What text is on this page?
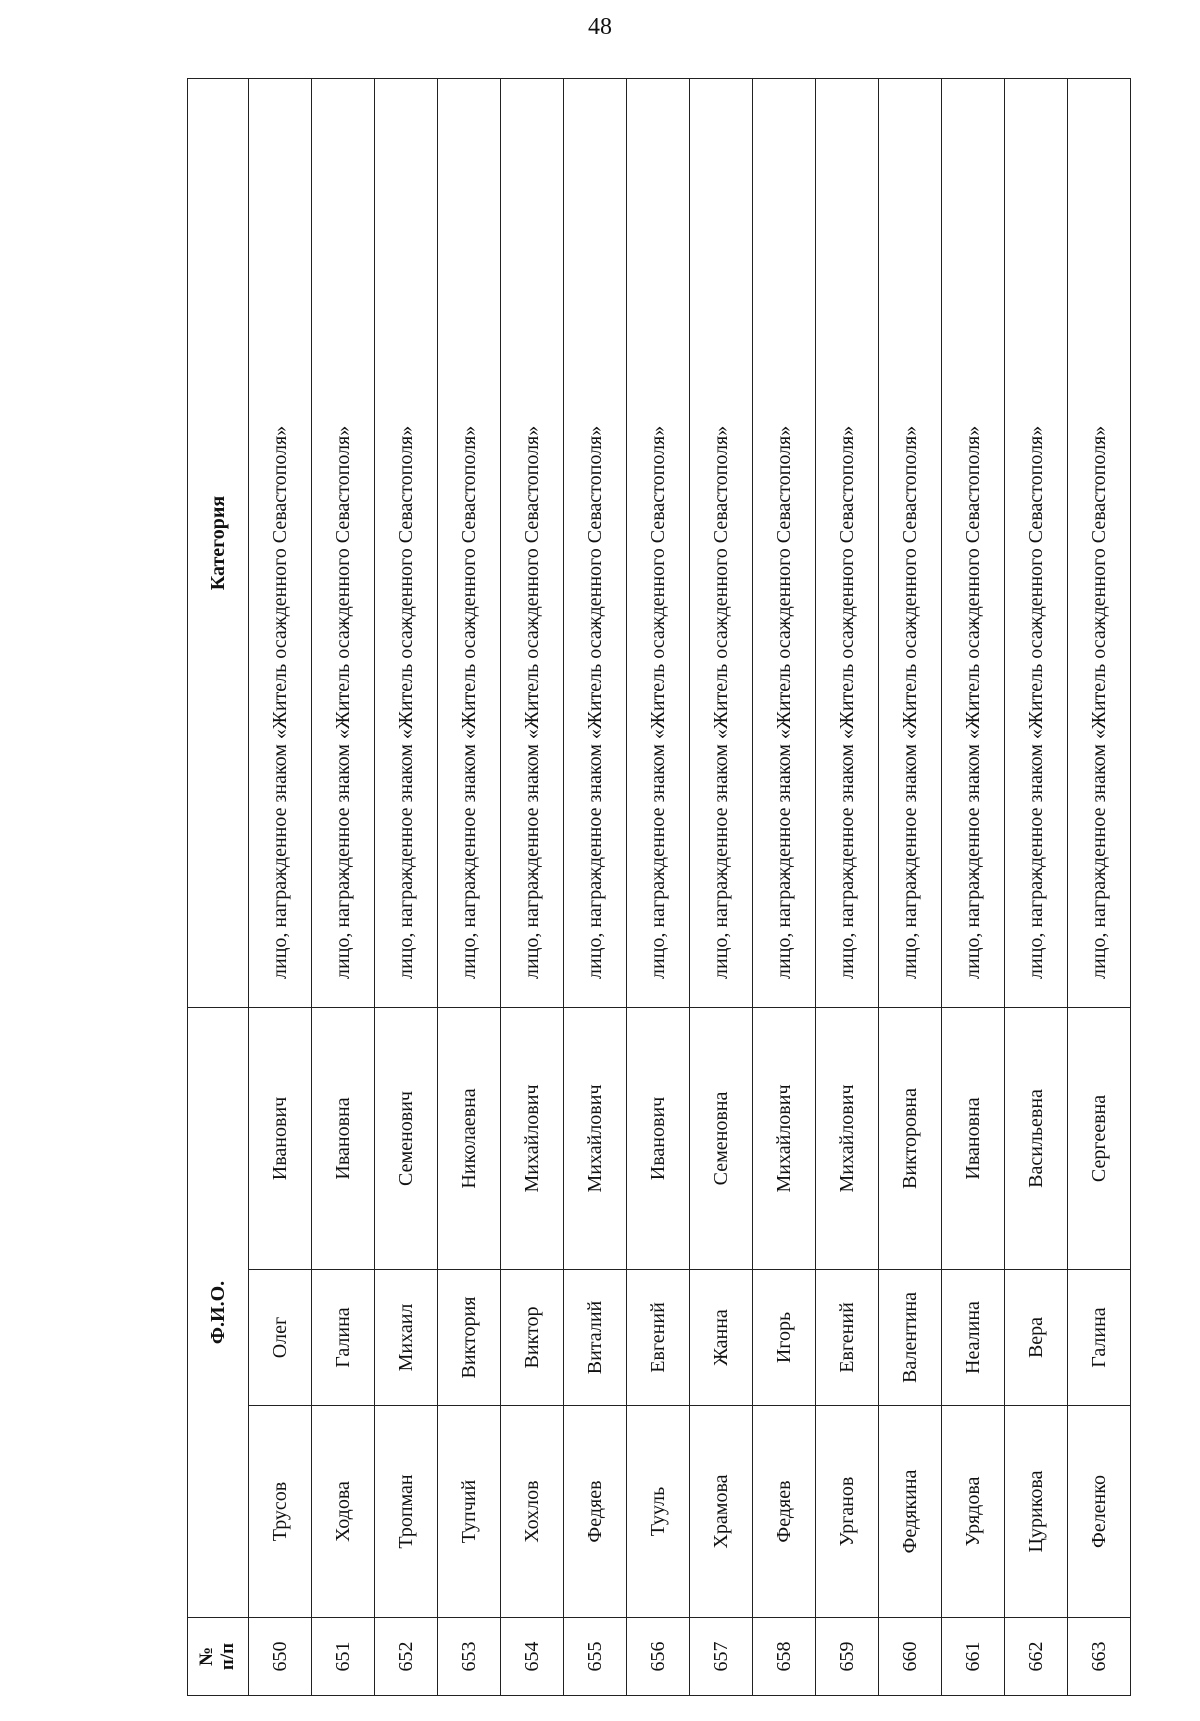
48
№
п/п	Ф.И.О.			Категория
650	Трусов	Олег	Иванович	лицо, награжденное знаком «Житель осажденного Севастополя»
651	Ходова	Галина	Ивановна	лицо, награжденное знаком «Житель осажденного Севастополя»
652	Тропман	Михаил	Семенович	лицо, награжденное знаком «Житель осажденного Севастополя»
653	Тупчий	Виктория	Николаевна	лицо, награжденное знаком «Житель осажденного Севастополя»
654	Хохлов	Виктор	Михайлович	лицо, награжденное знаком «Житель осажденного Севастополя»
655	Федяев	Виталий	Михайлович	лицо, награжденное знаком «Житель осажденного Севастополя»
656	Тууль	Евгений	Иванович	лицо, награжденное знаком «Житель осажденного Севастополя»
657	Храмова	Жанна	Семеновна	лицо, награжденное знаком «Житель осажденного Севастополя»
658	Федяев	Игорь	Михайлович	лицо, награжденное знаком «Житель осажденного Севастополя»
659	Урганов	Евгений	Михайлович	лицо, награжденное знаком «Житель осажденного Севастополя»
660	Федякина	Валентина	Викторовна	лицо, награжденное знаком «Житель осажденного Севастополя»
661	Урядова	Неалина	Ивановна	лицо, награжденное знаком «Житель осажденного Севастополя»
662	Цурикова	Вера	Васильевна	лицо, награжденное знаком «Житель осажденного Севастополя»
663	Феленко	Галина	Сергеевна	лицо, награжденное знаком «Житель осажденного Севастополя»
